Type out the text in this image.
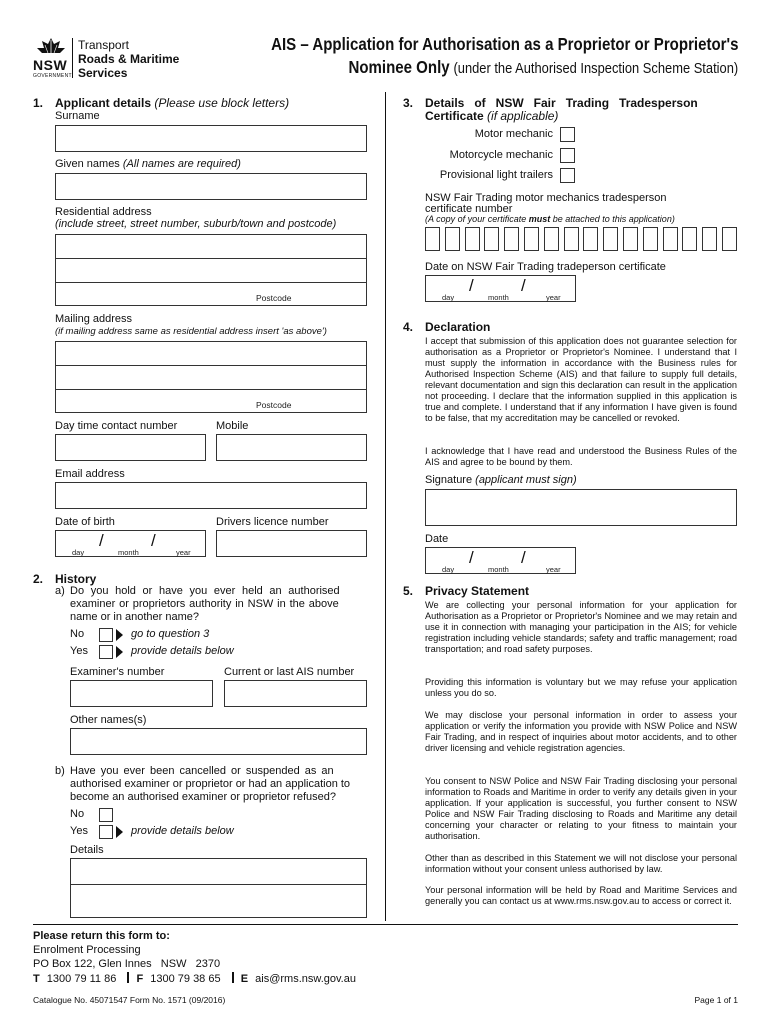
NSW
GOVERNMENT
Transport
Roads & Maritime
Services
AIS – Application for Authorisation as a Proprietor or Proprietor's
Nominee Only (under the Authorised Inspection Scheme Station)
1. Applicant details (Please use block letters)
Surname
Given names (All names are required)
Residential address
(include street, street number, suburb/town and postcode)
Postcode
Mailing address
(if mailing address same as residential address insert 'as above')
Postcode
Day time contact number	Mobile
Email address
Date of birth	Drivers licence number
/	/
day	month	year
2. History
a) Do you hold or have you ever held an authorised
examiner or proprietors authority in NSW in the above
name or in another name?
No	go to question 3
Yes	provide details below
Examiner's number	Current or last AIS number
Other names(s)
b) Have you ever been cancelled or suspended as an
authorised examiner or proprietor or had an application to
become an authorised examiner or proprietor refused?
No
Yes	provide details below
Details
3. Details   of   NSW   Fair   Trading   Tradesperson
Certificate (if applicable)
Motor mechanic
Motorcycle mechanic
Provisional light trailers
NSW Fair Trading motor mechanics tradesperson
certificate number
(A copy of your certificate must be attached to this application)
Date on NSW Fair Trading tradeperson certificate
/	/
day	month	year
4. Declaration
I accept that submission of this application does not guarantee selection for authorisation as a Proprietor or Proprietor's Nominee. I understand that I must supply the information in accordance with the Business rules for Authorised Inspection Scheme (AIS) and that failure to supply full details, relevant documentation and sign this declaration can result in the application not proceeding. I declare that the information supplied in this application is true and complete. I understand that if any information I have given is found to be false, that my accreditation may be cancelled or revoked.
I acknowledge that I have read and understood the Business Rules of the AIS and agree to be bound by them.
Signature (applicant must sign)
Date
/	/
day	month	year
5. Privacy Statement
We are collecting your personal information for your application for Authorisation as a Proprietor or Proprietor's Nominee and we may retain and use it in connection with managing your participation in the AIS; for vehicle registration including vehicle standards; safety and traffic management; road transportation; and road safety purposes.
Providing this information is voluntary but we may refuse your application unless you do so.
We may disclose your personal information in order to assess your application or verify the information you provide with NSW Police and NSW Fair Trading, and in respect of inquiries about motor accidents, and to other driver licensing and vehicle registration agencies.
You consent to NSW Police and NSW Fair Trading disclosing your personal information to Roads and Maritime in order to verify any details given in your application. If your application is successful, you further consent to NSW Police and NSW Fair Trading disclosing to Roads and Maritime any detail concerning your character or relating to your fitness to maintain your authorisation.
Other than as described in this Statement we will not disclose your personal information without your consent unless authorised by law.
Your personal information will be held by Road and Maritime Services and generally you can contact us at www.rms.nsw.gov.au to access or correct it.
Please return this form to:
Enrolment Processing
PO Box 122, Glen Innes   NSW   2370
T 1300 79 11 86 F 1300 79 38 65 E ais@rms.nsw.gov.au
Catalogue No. 45071547 Form No. 1571 (09/2016)	Page 1 of 1
